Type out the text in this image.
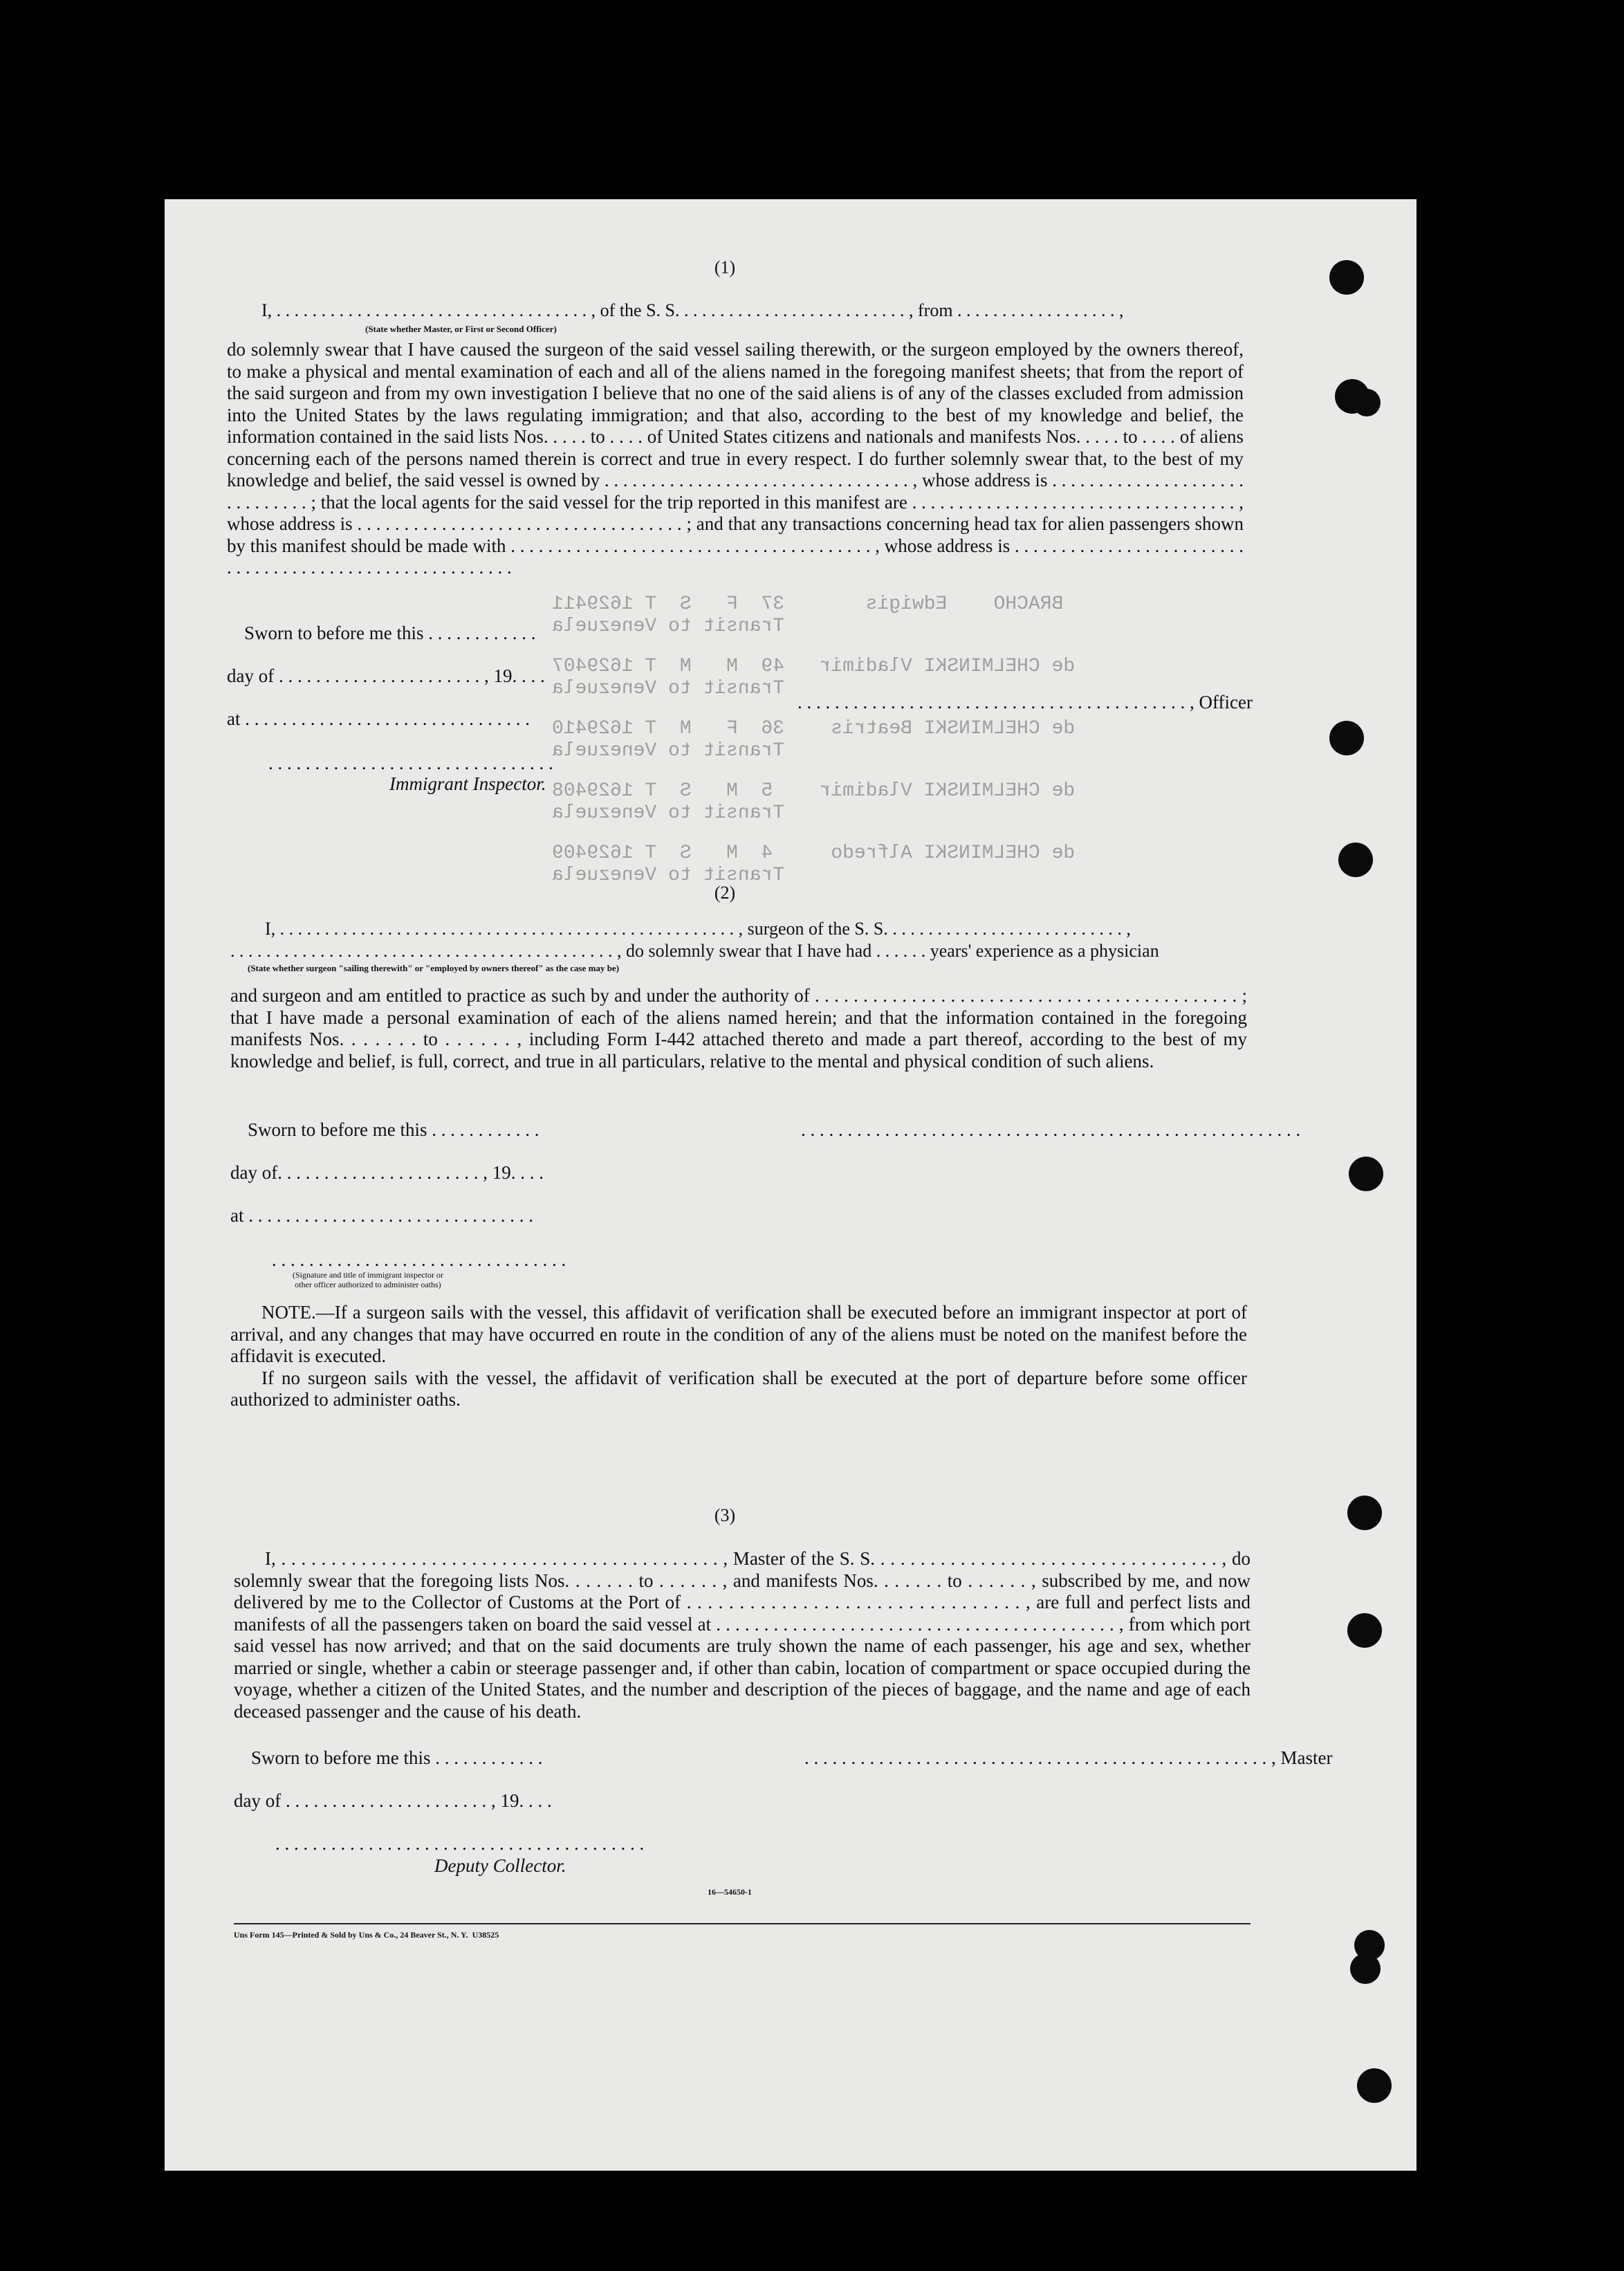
BRACHO    Edwigis       37  F   S  T 1629411
Transit to Venezuela
de CHELMINSKI Vladimir   49  M   M  T 1629407
Transit to Venezuela
de CHELMINSKI Beatris    36  F   M  T 1629410
Transit to Venezuela
de CHELMINSKI Vladimir    5  M   S  T 1629408
Transit to Venezuela
de CHELMINSKI Alfredo     4  M   S  T 1629409
Transit to Venezuela
(1)
I, . . . . . . . . . . . . . . . . . . . . . . . . . . . . . . . . . . . , of the S. S. . . . . . . . . . . . . . . . . . . . . . . . . . , from . . . . . . . . . . . . . . . . . . ,
(State whether Master, or First or Second Officer)

do solemnly swear that I have caused the surgeon of the said vessel sailing therewith, or the surgeon employed by the owners thereof, to make a physical and mental examination of each and all of the aliens named in the foregoing manifest sheets; that from the report of the said surgeon and from my own investigation I believe that no one of the said aliens is of any of the classes excluded from admission into the United States by the laws regulating immigration; and that also, according to the best of my knowledge and belief, the information contained in the said lists Nos. . . . . to . . . . of United States citizens and nationals and manifests Nos. . . . . to . . . . of aliens concerning each of the persons named therein is correct and true in every respect. I do further solemnly swear that, to the best of my knowledge and belief, the said vessel is owned by . . . . . . . . . . . . . . . . . . . . . . . . . . . . . . . . . , whose address is . . . . . . . . . . . . . . . . . . . . . . . . . . . . . . ; that the local agents for the said vessel for the trip reported in this manifest are . . . . . . . . . . . . . . . . . . . . . . . . . . . . . . . . . . . , whose address is . . . . . . . . . . . . . . . . . . . . . . . . . . . . . . . . . . . ; and that any transactions concerning head tax for alien passengers shown by this manifest should be made with . . . . . . . . . . . . . . . . . . . . . . . . . . . . . . . . . . . . . . . , whose address is . . . . . . . . . . . . . . . . . . . . . . . . . . . . . . . . . . . . . . . . . . . . . . . . . . . . . . . .

Sworn to before me this . . . . . . . . . . . .
day of . . . . . . . . . . . . . . . . . . . . . . , 19. . . .
at . . . . . . . . . . . . . . . . . . . . . . . . . . . . . . .
. . . . . . . . . . . . . . . . . . . . . . . . . . . . . . .
Immigrant Inspector.
. . . . . . . . . . . . . . . . . . . . . . . . . . . . . . . . . . . . . . . . . . , Officer
(2)
I, . . . . . . . . . . . . . . . . . . . . . . . . . . . . . . . . . . . . . . . . . . . . . . . . . . . , surgeon of the S. S. . . . . . . . . . . . . . . . . . . . . . . . . . . ,
. . . . . . . . . . . . . . . . . . . . . . . . . . . . . . . . . . . . . . . . . . . , do solemnly swear that I have had . . . . . . years' experience as a physician
(State whether surgeon "sailing therewith" or "employed by owners thereof" as the case may be)

and surgeon and am entitled to practice as such by and under the authority of . . . . . . . . . . . . . . . . . . . . . . . . . . . . . . . . . . . . . . . . . . . . ; that I have made a personal examination of each of the aliens named herein; and that the information contained in the foregoing manifests Nos. . . . . . . to . . . . . . , including Form I-442 attached thereto and made a part thereof, according to the best of my knowledge and belief, is full, correct, and true in all particulars, relative to the mental and physical condition of such aliens.

Sworn to before me this . . . . . . . . . . . .	. . . . . . . . . . . . . . . . . . . . . . . . . . . . . . . . . . . . . . . . . . . . . . . . . . . . . .
day of. . . . . . . . . . . . . . . . . . . . . . , 19. . . .
at . . . . . . . . . . . . . . . . . . . . . . . . . . . . . . .
. . . . . . . . . . . . . . . . . . . . . . . . . . . . . . . .
(Signature and title of immigrant inspector or
other officer authorized to administer oaths)

NOTE.—If a surgeon sails with the vessel, this affidavit of verification shall be executed before an immigrant inspector at port of arrival, and any changes that may have occurred en route in the condition of any of the aliens must be noted on the manifest before the affidavit is executed.

If no surgeon sails with the vessel, the affidavit of verification shall be executed at the port of departure before some officer authorized to administer oaths.

(3)

I, . . . . . . . . . . . . . . . . . . . . . . . . . . . . . . . . . . . . . . . . . . . . , Master of the S. S. . . . . . . . . . . . . . . . . . . . . . . . . . . . . . . . . . . , do solemnly swear that the foregoing lists Nos. . . . . . . to . . . . . . , and manifests Nos. . . . . . . to . . . . . . , subscribed by me, and now delivered by me to the Collector of Customs at the Port of . . . . . . . . . . . . . . . . . . . . . . . . . . . . . . . . , are full and perfect lists and manifests of all the passengers taken on board the said vessel at . . . . . . . . . . . . . . . . . . . . . . . . . . . . . . . . . . . . . . . . . . , from which port said vessel has now arrived; and that on the said documents are truly shown the name of each passenger, his age and sex, whether married or single, whether a cabin or steerage passenger and, if other than cabin, location of compartment or space occupied during the voyage, whether a citizen of the United States, and the number and description of the pieces of baggage, and the name and age of each deceased passenger and the cause of his death.

Sworn to before me this . . . . . . . . . . . .	. . . . . . . . . . . . . . . . . . . . . . . . . . . . . . . . . . . . . . . . . . . . . . . . . . , Master
day of . . . . . . . . . . . . . . . . . . . . . . , 19. . . .
. . . . . . . . . . . . . . . . . . . . . . . . . . . . . . . . . . . . . . . .
Deputy Collector.
16—54650-1
Uns Form 145—Printed & Sold by Uns & Co., 24 Beaver St., N. Y.  U38525
